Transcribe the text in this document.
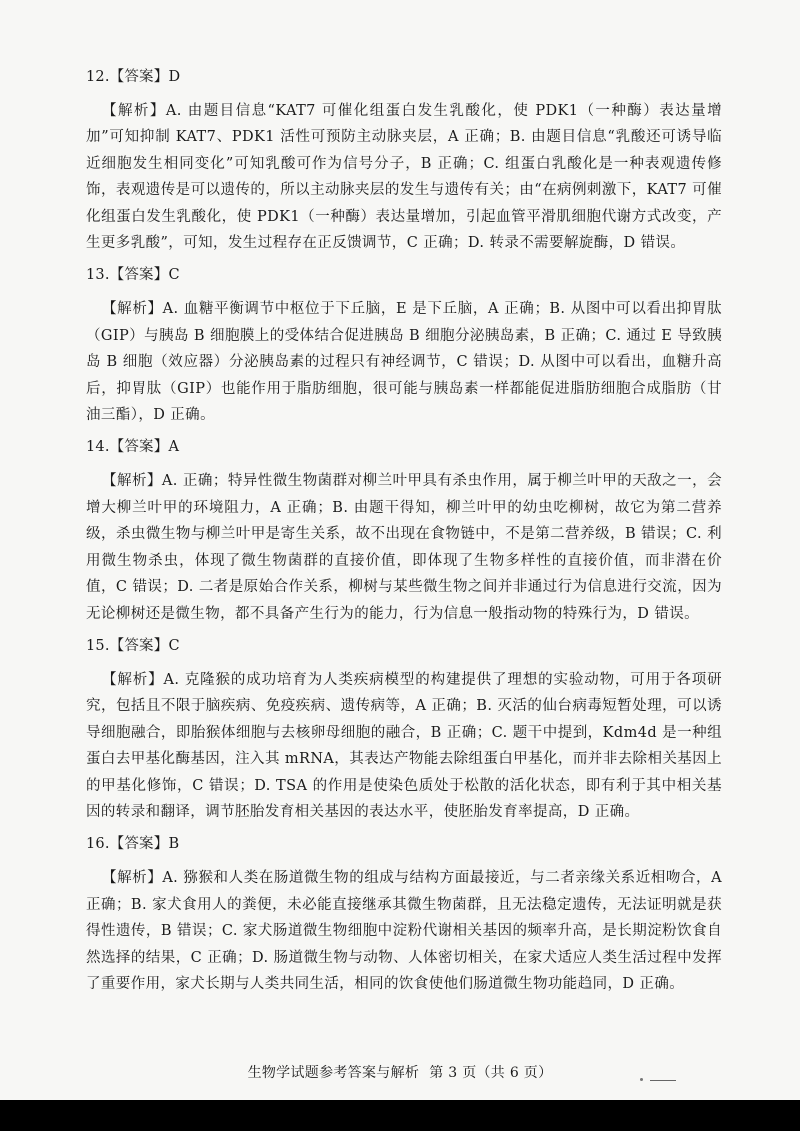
12.【答案】D

【解析】A. 由题目信息“KAT7 可催化组蛋白发生乳酸化，使 PDK1（一种酶）表达量增加”可知抑制 KAT7、PDK1 活性可预防主动脉夹层，A 正确；B. 由题目信息“乳酸还可诱导临近细胞发生相同变化”可知乳酸可作为信号分子，B 正确；C. 组蛋白乳酸化是一种表观遗传修饰，表观遗传是可以遗传的，所以主动脉夹层的发生与遗传有关；由“在病例刺激下，KAT7 可催化组蛋白发生乳酸化，使 PDK1（一种酶）表达量增加，引起血管平滑肌细胞代谢方式改变，产生更多乳酸”，可知，发生过程存在正反馈调节，C 正确；D. 转录不需要解旋酶，D 错误。

13.【答案】C

【解析】A. 血糖平衡调节中枢位于下丘脑，E 是下丘脑，A 正确；B. 从图中可以看出抑胃肽（GIP）与胰岛 B 细胞膜上的受体结合促进胰岛 B 细胞分泌胰岛素，B 正确；C. 通过 E 导致胰岛 B 细胞（效应器）分泌胰岛素的过程只有神经调节，C 错误；D. 从图中可以看出，血糖升高后，抑胃肽（GIP）也能作用于脂肪细胞，很可能与胰岛素一样都能促进脂肪细胞合成脂肪（甘油三酯），D 正确。

14.【答案】A

【解析】A. 正确；特异性微生物菌群对柳兰叶甲具有杀虫作用，属于柳兰叶甲的天敌之一，会增大柳兰叶甲的环境阻力，A 正确；B. 由题干得知，柳兰叶甲的幼虫吃柳树，故它为第二营养级，杀虫微生物与柳兰叶甲是寄生关系，故不出现在食物链中，不是第二营养级，B 错误；C. 利用微生物杀虫，体现了微生物菌群的直接价值，即体现了生物多样性的直接价值，而非潜在价值，C 错误；D. 二者是原始合作关系，柳树与某些微生物之间并非通过行为信息进行交流，因为无论柳树还是微生物，都不具备产生行为的能力，行为信息一般指动物的特殊行为，D 错误。

15.【答案】C

【解析】A. 克隆猴的成功培育为人类疾病模型的构建提供了理想的实验动物，可用于各项研究，包括且不限于脑疾病、免疫疾病、遗传病等，A 正确；B. 灭活的仙台病毒短暂处理，可以诱导细胞融合，即胎猴体细胞与去核卵母细胞的融合，B 正确；C. 题干中提到，Kdm4d 是一种组蛋白去甲基化酶基因，注入其 mRNA，其表达产物能去除组蛋白甲基化，而并非去除相关基因上的甲基化修饰，C 错误；D. TSA 的作用是使染色质处于松散的活化状态，即有利于其中相关基因的转录和翻译，调节胚胎发育相关基因的表达水平，使胚胎发育率提高，D 正确。

16.【答案】B

【解析】A. 猕猴和人类在肠道微生物的组成与结构方面最接近，与二者亲缘关系近相吻合，A 正确；B. 家犬食用人的粪便，未必能直接继承其微生物菌群，且无法稳定遗传，无法证明就是获得性遗传，B 错误；C. 家犬肠道微生物细胞中淀粉代谢相关基因的频率升高，是长期淀粉饮食自然选择的结果，C 正确；D. 肠道微生物与动物、人体密切相关，在家犬适应人类生活过程中发挥了重要作用，家犬长期与人类共同生活，相同的饮食使他们肠道微生物功能趋同，D 正确。

生物学试题参考答案与解析 第 3 页（共 6 页）
